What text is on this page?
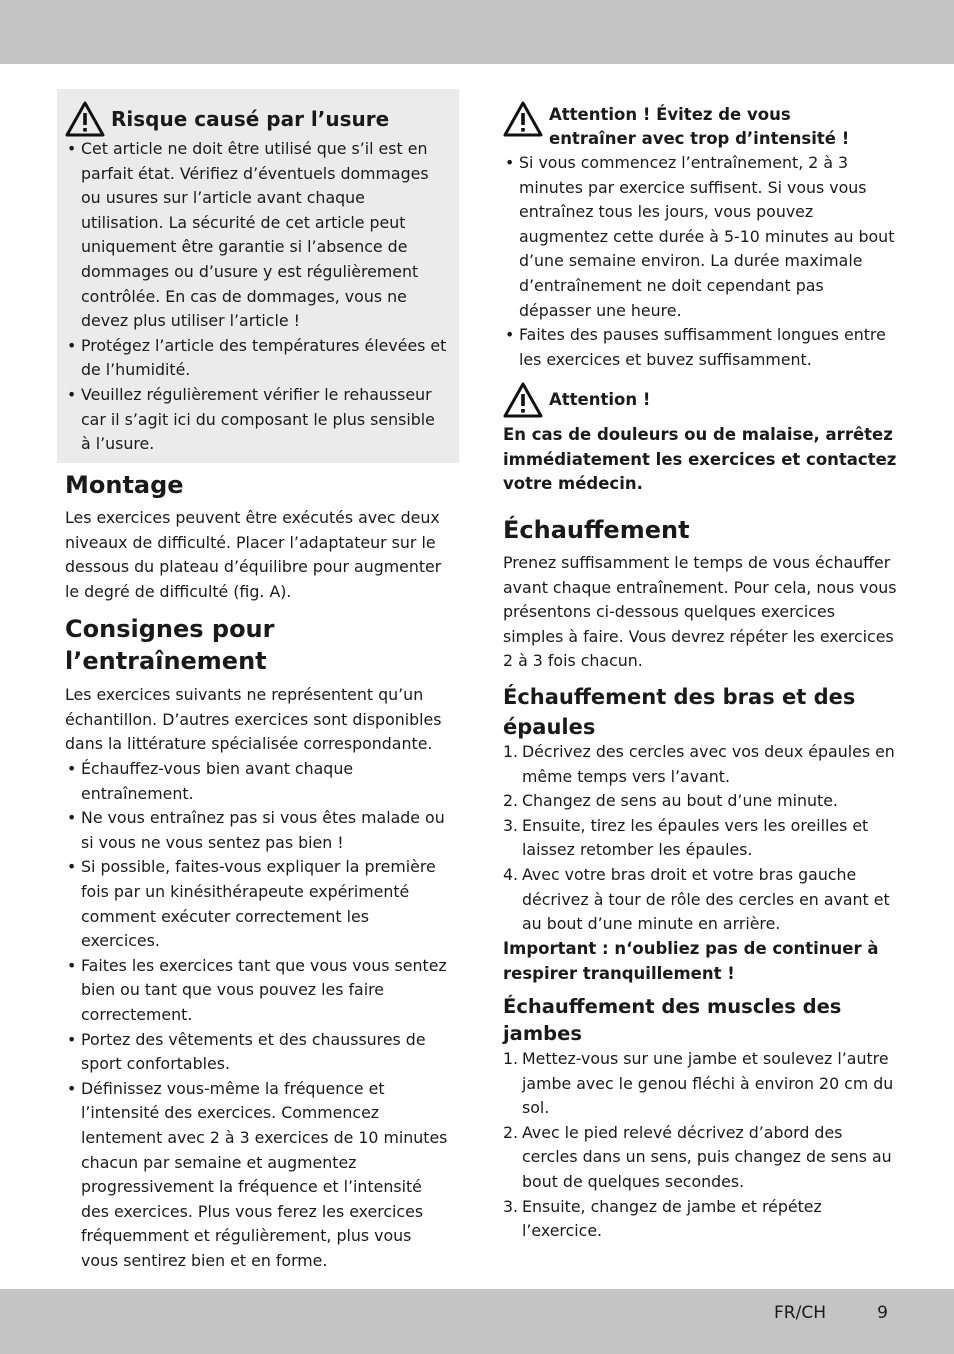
Risque causé par l’usure
• Cet article ne doit être utilisé que s’il est en parfait état. Vérifiez d’éventuels dommages ou usures sur l’article avant chaque utilisation. La sécurité de cet article peut uniquement être garantie si l’absence de dommages ou d’usure y est régulièrement contrôlée. En cas de dommages, vous ne devez plus utiliser l’article !
• Protégez l’article des températures élevées et de l’humidité.
• Veuillez régulièrement vérifier le rehausseur car il s’agit ici du composant le plus sensible à l’usure.
Montage

Les exercices peuvent être exécutés avec deux niveaux de difficulté. Placer l’adaptateur sur le dessous du plateau d’équilibre pour augmenter le degré de difficulté (fig. A).

Consignes pour l’entraînement

Les exercices suivants ne représentent qu’un échantillon. D’autres exercices sont disponibles dans la littérature spécialisée correspondante.

• Échauffez-vous bien avant chaque entraînement.
• Ne vous entraînez pas si vous êtes malade ou si vous ne vous sentez pas bien !
• Si possible, faites-vous expliquer la première fois par un kinésithérapeute expérimenté comment exécuter correctement les exercices.
• Faites les exercices tant que vous vous sentez bien ou tant que vous pouvez les faire correctement.
• Portez des vêtements et des chaussures de sport confortables.
• Définissez vous-même la fréquence et l’intensité des exercices. Commencez lentement avec 2 à 3 exercices de 10 minutes chacun par semaine et augmentez progressivement la fréquence et l’intensité des exercices. Plus vous ferez les exercices fréquemment et régulièrement, plus vous vous sentirez bien et en forme.
Attention ! Évitez de vous entraîner avec trop d’intensité !
• Si vous commencez l’entraînement, 2 à 3 minutes par exercice suffisent. Si vous vous entraînez tous les jours, vous pouvez augmentez cette durée à 5-10 minutes au bout d’une semaine environ. La durée maximale d’entraînement ne doit cependant pas dépasser une heure.
• Faites des pauses suffisamment longues entre les exercices et buvez suffisamment.
Attention !

En cas de douleurs ou de malaise, arrêtez immédiatement les exercices et contactez votre médecin.

Échauffement

Prenez suffisamment le temps de vous échauffer avant chaque entraînement. Pour cela, nous vous présentons ci-dessous quelques exercices simples à faire. Vous devrez répéter les exercices 2 à 3 fois chacun.

Échauffement des bras et des épaules
1. Décrivez des cercles avec vos deux épaules en même temps vers l’avant.
2. Changez de sens au bout d’une minute.
3. Ensuite, tirez les épaules vers les oreilles et laissez retomber les épaules.
4. Avec votre bras droit et votre bras gauche décrivez à tour de rôle des cercles en avant et au bout d’une minute en arrière.

Important : n‘oubliez pas de continuer à respirer tranquillement !

Échauffement des muscles des jambes
1. Mettez-vous sur une jambe et soulevez l’autre jambe avec le genou fléchi à environ 20 cm du sol.
2. Avec le pied relevé décrivez d’abord des cercles dans un sens, puis changez de sens au bout de quelques secondes.
3. Ensuite, changez de jambe et répétez l’exercice.
FR/CH	9
